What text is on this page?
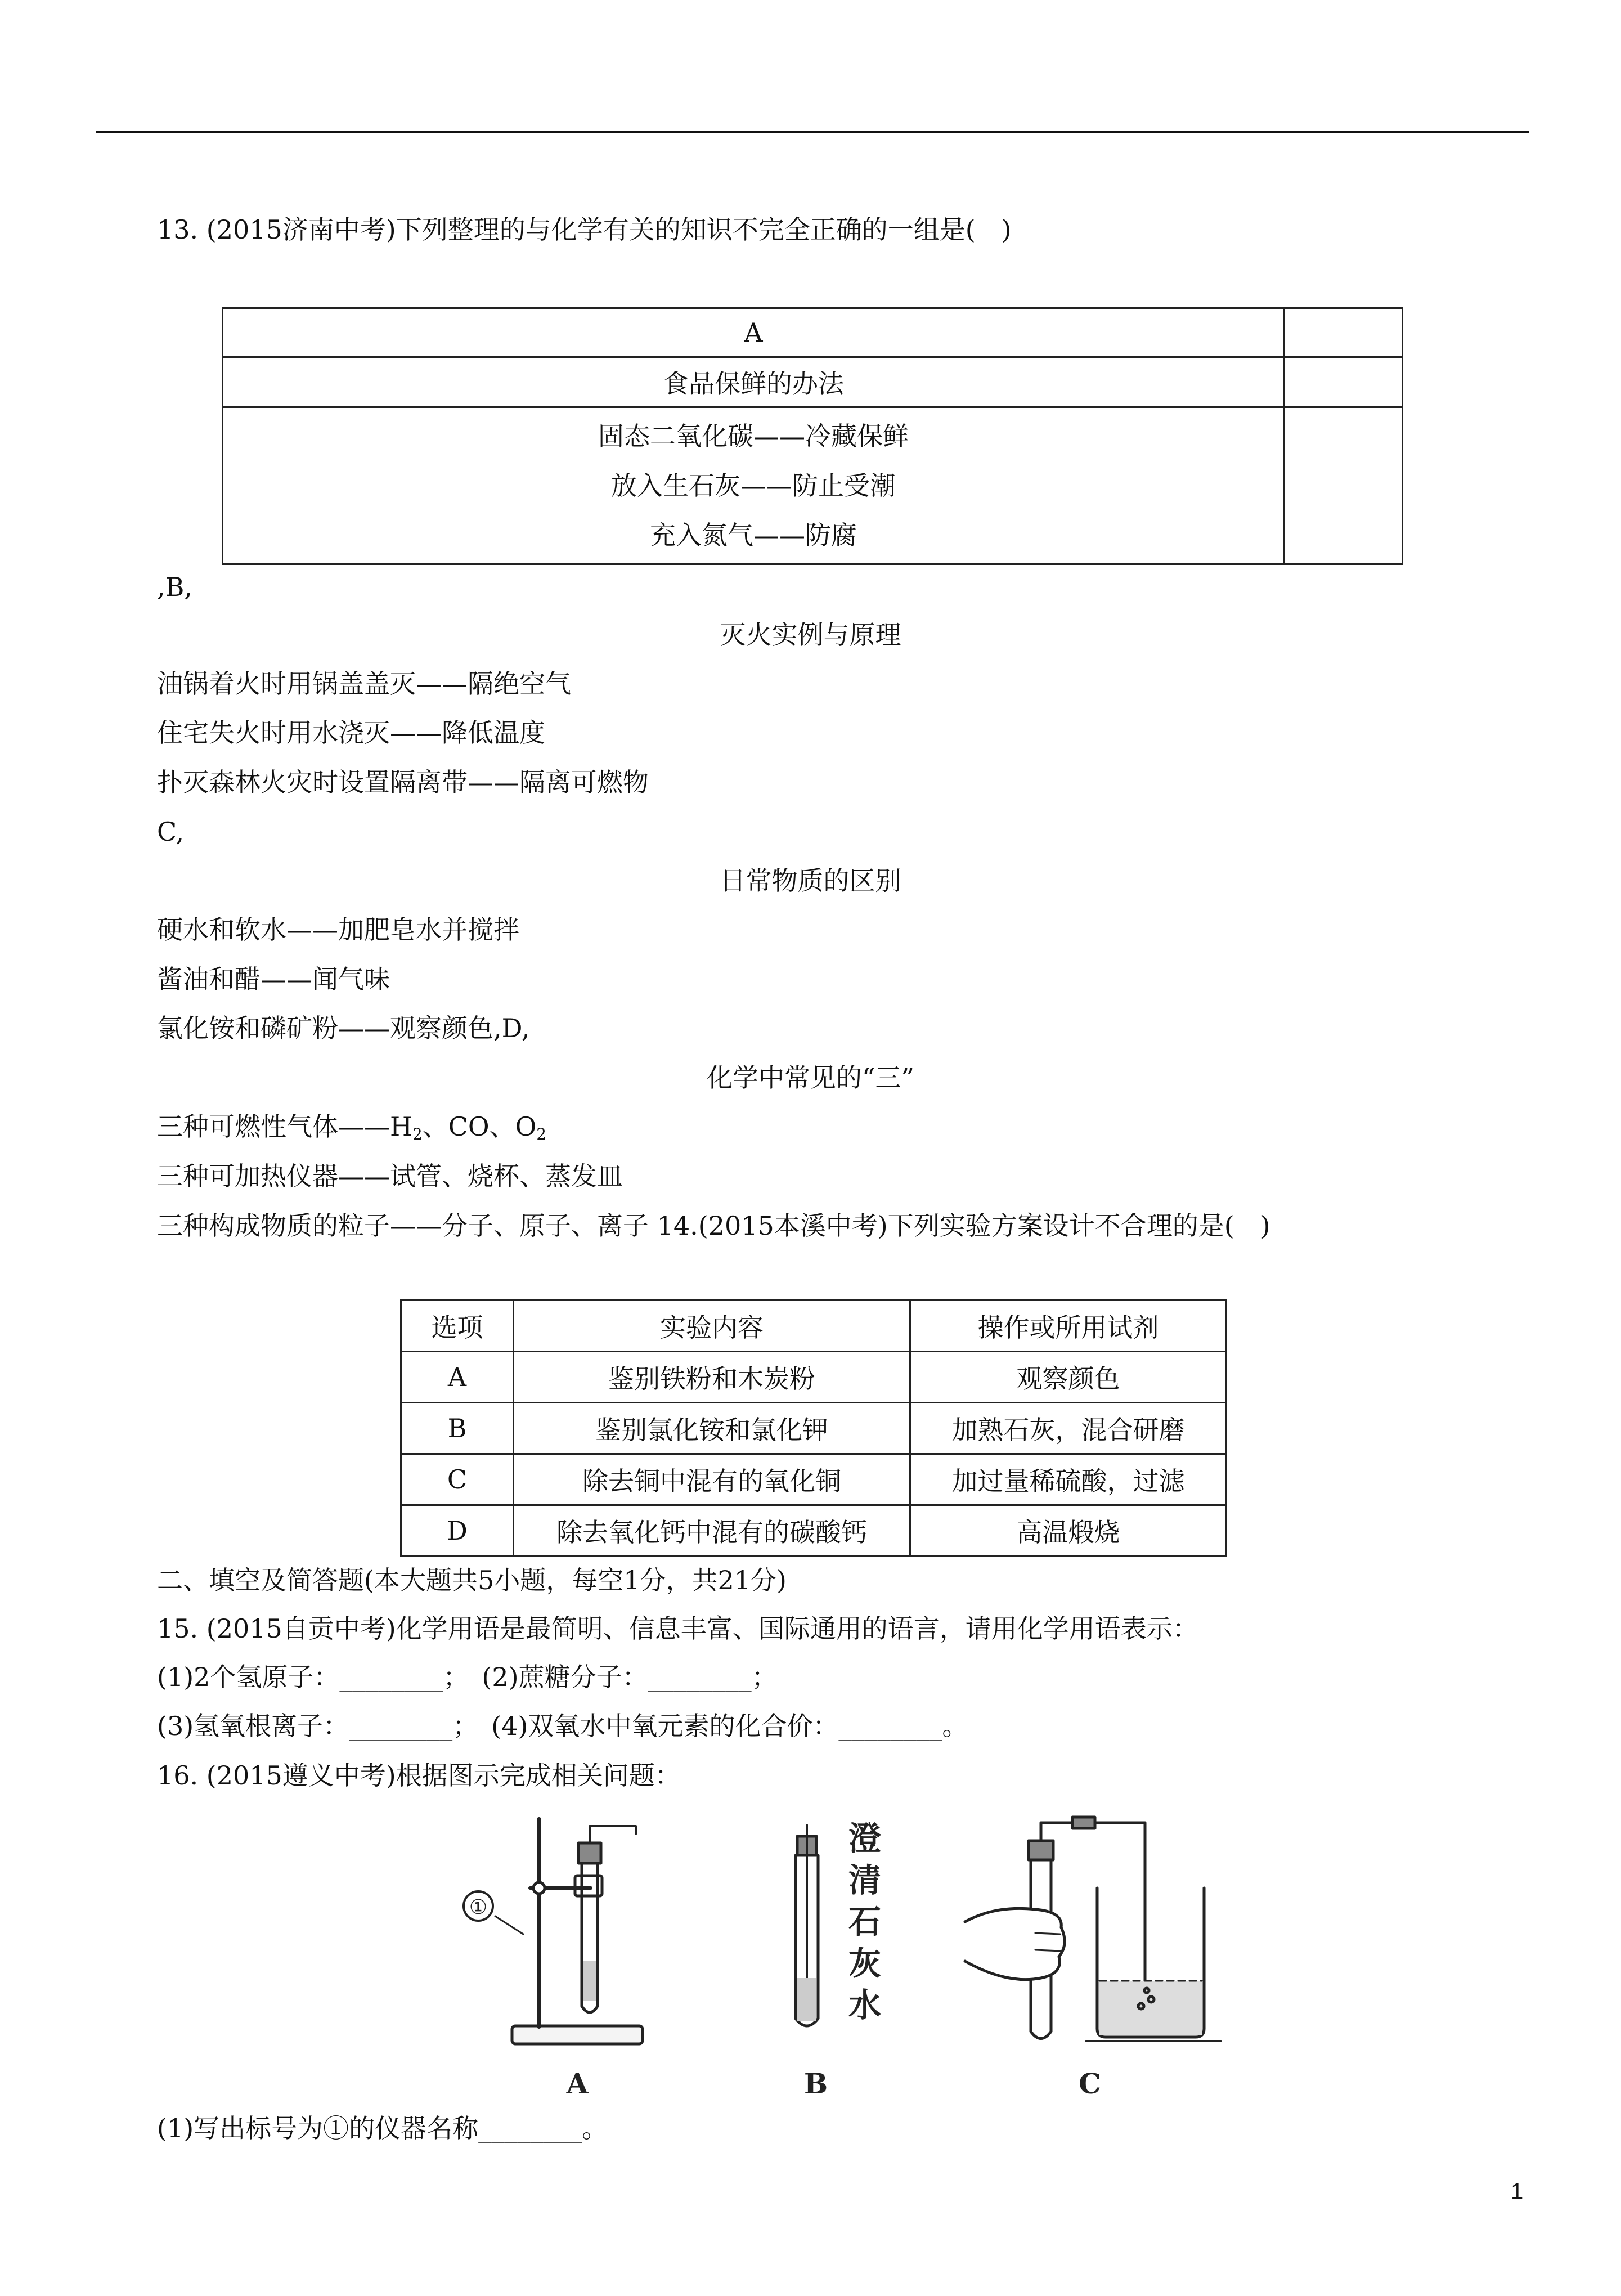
13. (2015济南中考)下列整理的与化学有关的知识不完全正确的一组是(　)
A	
食品保鲜的办法	

固态二氧化碳——冷藏保鲜
放入生石灰——防止受潮
充入氮气——防腐	

,B,
灭火实例与原理
油锅着火时用锅盖盖灭——隔绝空气
住宅失火时用水浇灭——降低温度
扑灭森林火灾时设置隔离带——隔离可燃物
C,
日常物质的区别
硬水和软水——加肥皂水并搅拌
酱油和醋——闻气味
氯化铵和磷矿粉——观察颜色,D,
化学中常见的“三”
三种可燃性气体$——H_2$、CO、$O_2$
三种可加热仪器——试管、烧杯、蒸发皿
三种构成物质的粒子——分子、原子、离子 14.(2015本溪中考)下列实验方案设计不合理的是(　)
选项	实验内容	操作或所用试剂
A	鉴别铁粉和木炭粉	观察颜色
B	鉴别氯化铵和氯化钾	加熟石灰，混合研磨
C	除去铜中混有的氧化铜	加过量稀硫酸，过滤
D	除去氧化钙中混有的碳酸钙	高温煅烧
二、填空及简答题(本大题共5小题，每空1分，共21分)
15. (2015自贡中考)化学用语是最简明、信息丰富、国际通用的语言，请用化学用语表示：
(1)2个氢原子：________；　(2)蔗糖分子：________；
(3)氢氧根离子：________；　(4)双氧水中氧元素的化合价：________。
16. (2015遵义中考)根据图示完成相关问题：
①
澄
清
石
灰
水
A	B	C
(1)写出标号为①的仪器名称________。
1
